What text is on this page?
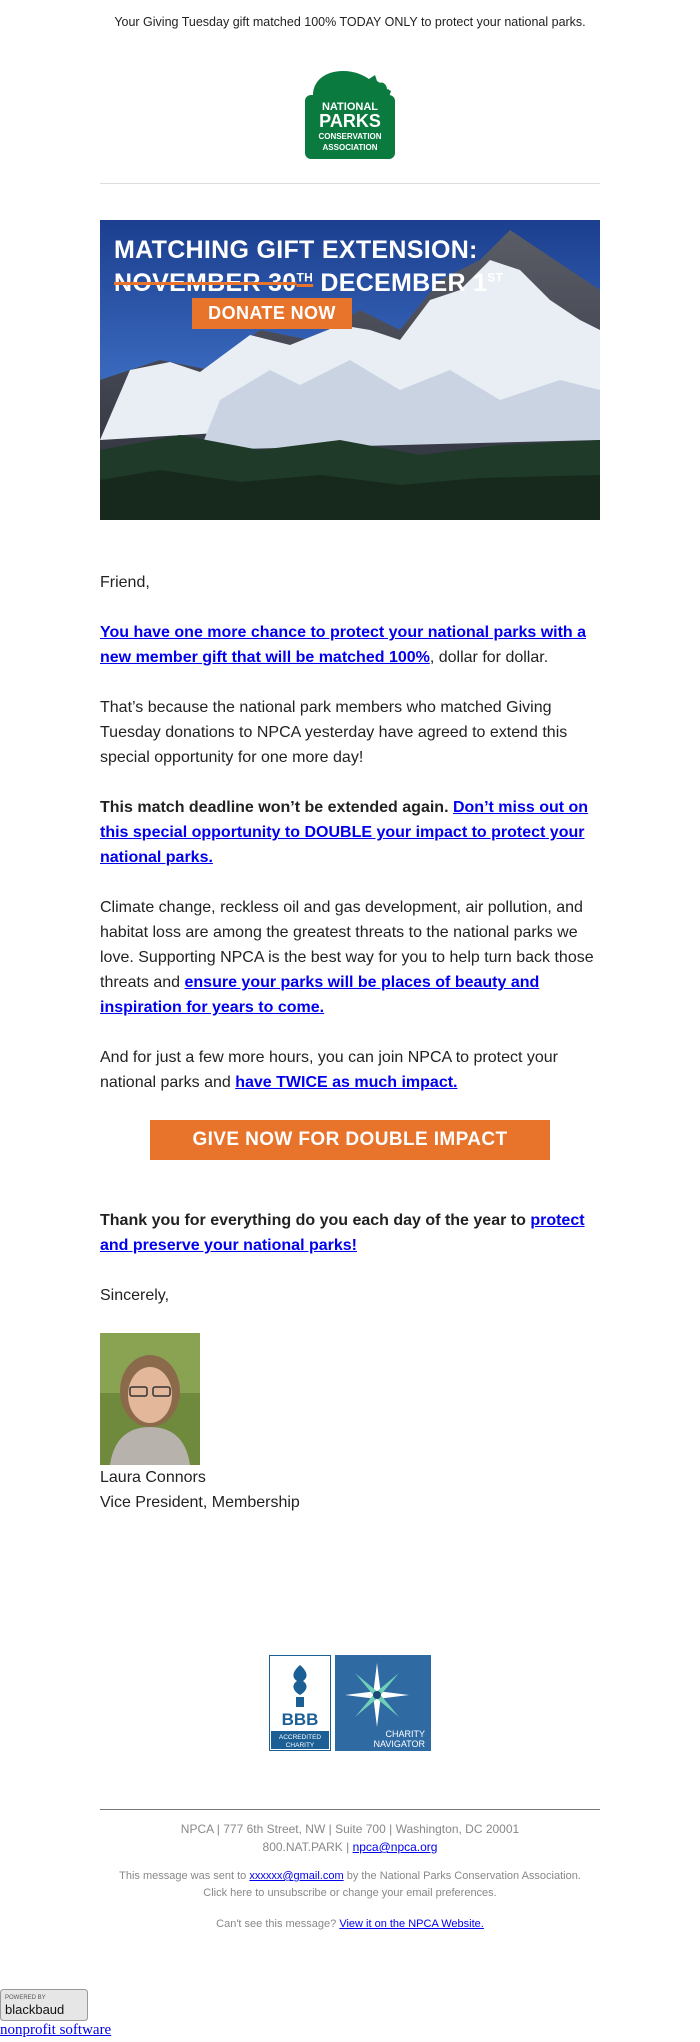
Your Giving Tuesday gift matched 100% TODAY ONLY to protect your national parks.
NATIONAL
PARKS
CONSERVATION
ASSOCIATION
MATCHING GIFT EXTENSION:
NOVEMBER 30TH DECEMBER 1ST
DONATE NOW

Friend,

You have one more chance to protect your national parks with a new member gift that will be matched 100%, dollar for dollar.

That’s because the national park members who matched Giving Tuesday donations to NPCA yesterday have agreed to extend this special opportunity for one more day!

This match deadline won’t be extended again. Don’t miss out on this special opportunity to DOUBLE your impact to protect your national parks.

Climate change, reckless oil and gas development, air pollution, and habitat loss are among the greatest threats to the national parks we love. Supporting NPCA is the best way for you to help turn back those threats and ensure your parks will be places of beauty and inspiration for years to come.

And for just a few more hours, you can join NPCA to protect your national parks and have TWICE as much impact.

GIVE NOW FOR DOUBLE IMPACT

Thank you for everything do you each day of the year to protect and preserve your national parks!

Sincerely,

Laura Connors
Vice President, Membership
BBB
ACCREDITED
CHARITY

CHARITY
NAVIGATOR
NPCA | 777 6th Street, NW | Suite 700 | Washington, DC 20001
800.NAT.PARK | npca@npca.org
This message was sent to xxxxxx@gmail.com by the National Parks Conservation Association.
Click here to unsubscribe or change your email preferences.
Can't see this message? View it on the NPCA Website.
POWERED BY
blackbaud
nonprofit software
